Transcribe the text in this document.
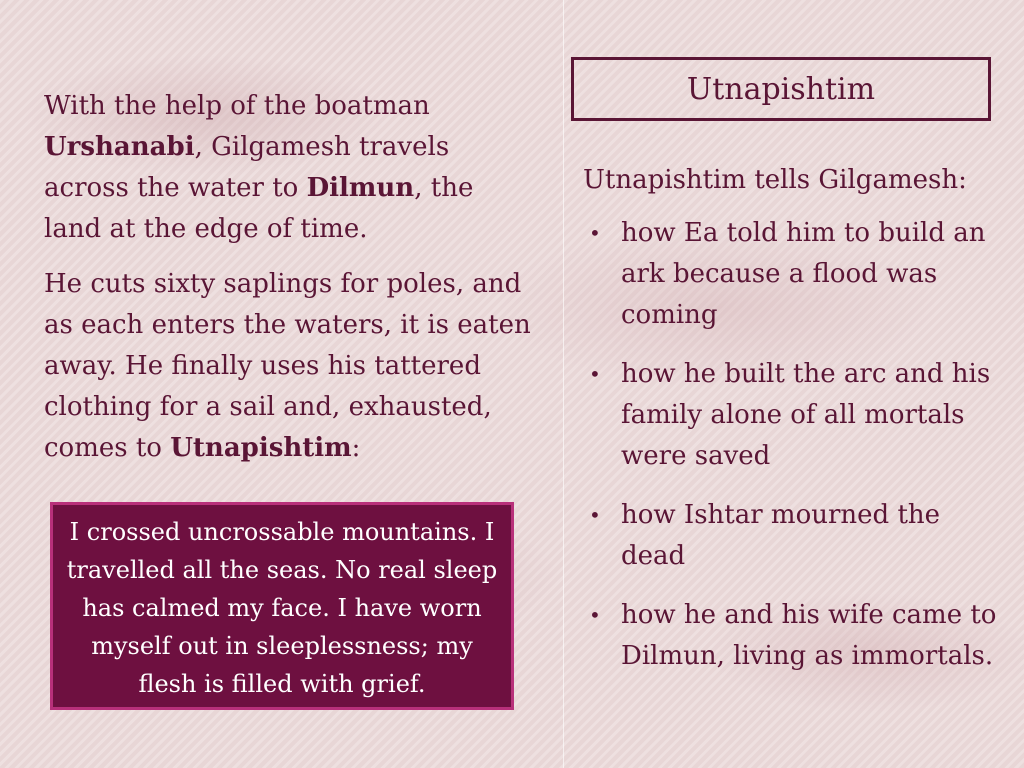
With the help of the boatman Urshanabi, Gilgamesh travels across the water to Dilmun, the land at the edge of time.

He cuts sixty saplings for poles, and as each enters the waters, it is eaten away. He finally uses his tattered clothing for a sail and, exhausted, comes to Utnapishtim:

I crossed uncrossable mountains. I travelled all the seas. No real sleep has calmed my face. I have worn myself out in sleeplessness; my flesh is filled with grief.
Utnapishtim

Utnapishtim tells Gilgamesh:

• how Ea told him to build an ark because a flood was coming
• how he built the arc and his family alone of all mortals were saved
• how Ishtar mourned the dead
• how he and his wife came to Dilmun, living as immortals.
